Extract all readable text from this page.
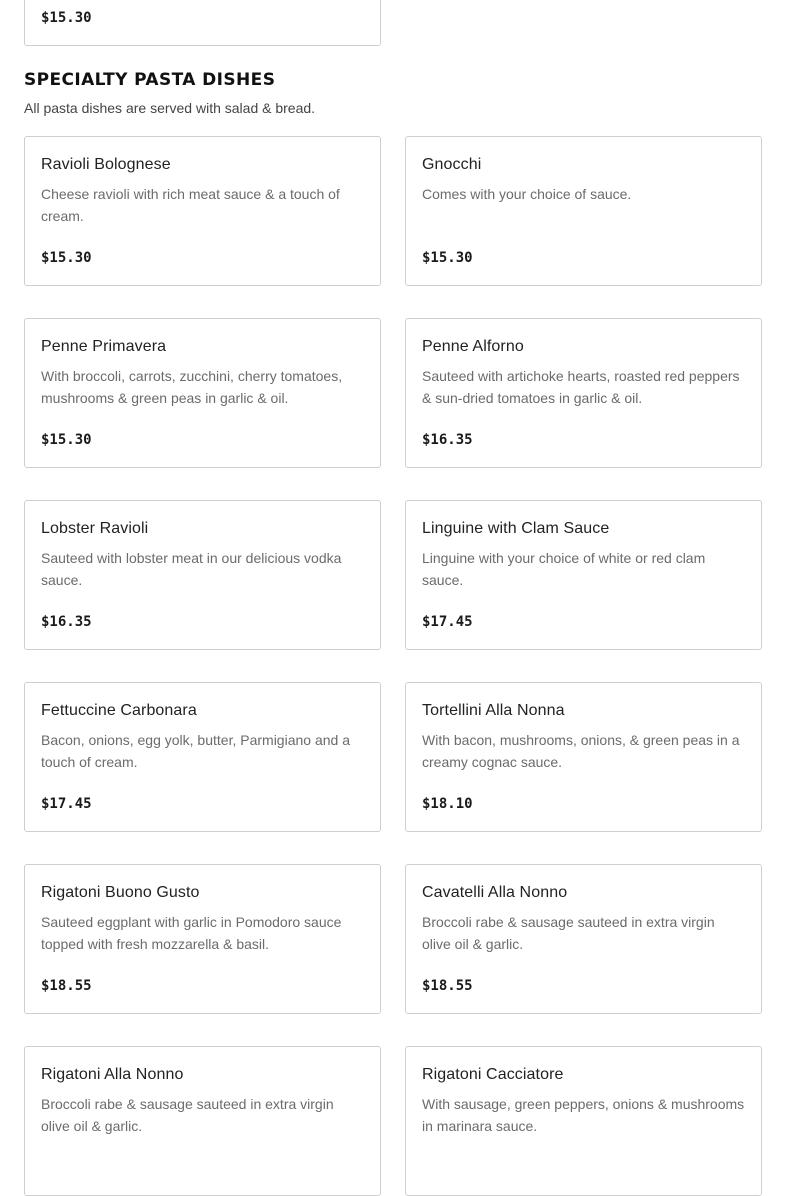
$15.30
SPECIALTY PASTA DISHES

All pasta dishes are served with salad & bread.

Ravioli Bolognese
Cheese ravioli with rich meat sauce & a touch of cream.
$15.30
Gnocchi
Comes with your choice of sauce.
$15.30
Penne Primavera
With broccoli, carrots, zucchini, cherry tomatoes, mushrooms & green peas in garlic & oil.
$15.30
Penne Alforno
Sauteed with artichoke hearts, roasted red peppers & sun-dried tomatoes in garlic & oil.
$16.35
Lobster Ravioli
Sauteed with lobster meat in our delicious vodka sauce.
$16.35
Linguine with Clam Sauce
Linguine with your choice of white or red clam sauce.
$17.45
Fettuccine Carbonara
Bacon, onions, egg yolk, butter, Parmigiano and a touch of cream.
$17.45
Tortellini Alla Nonna
With bacon, mushrooms, onions, & green peas in a creamy cognac sauce.
$18.10
Rigatoni Buono Gusto
Sauteed eggplant with garlic in Pomodoro sauce topped with fresh mozzarella & basil.
$18.55
Cavatelli Alla Nonno
Broccoli rabe & sausage sauteed in extra virgin olive oil & garlic.
$18.55
Rigatoni Alla Nonno
Broccoli rabe & sausage sauteed in extra virgin olive oil & garlic.
Rigatoni Cacciatore
With sausage, green peppers, onions & mushrooms in marinara sauce.
